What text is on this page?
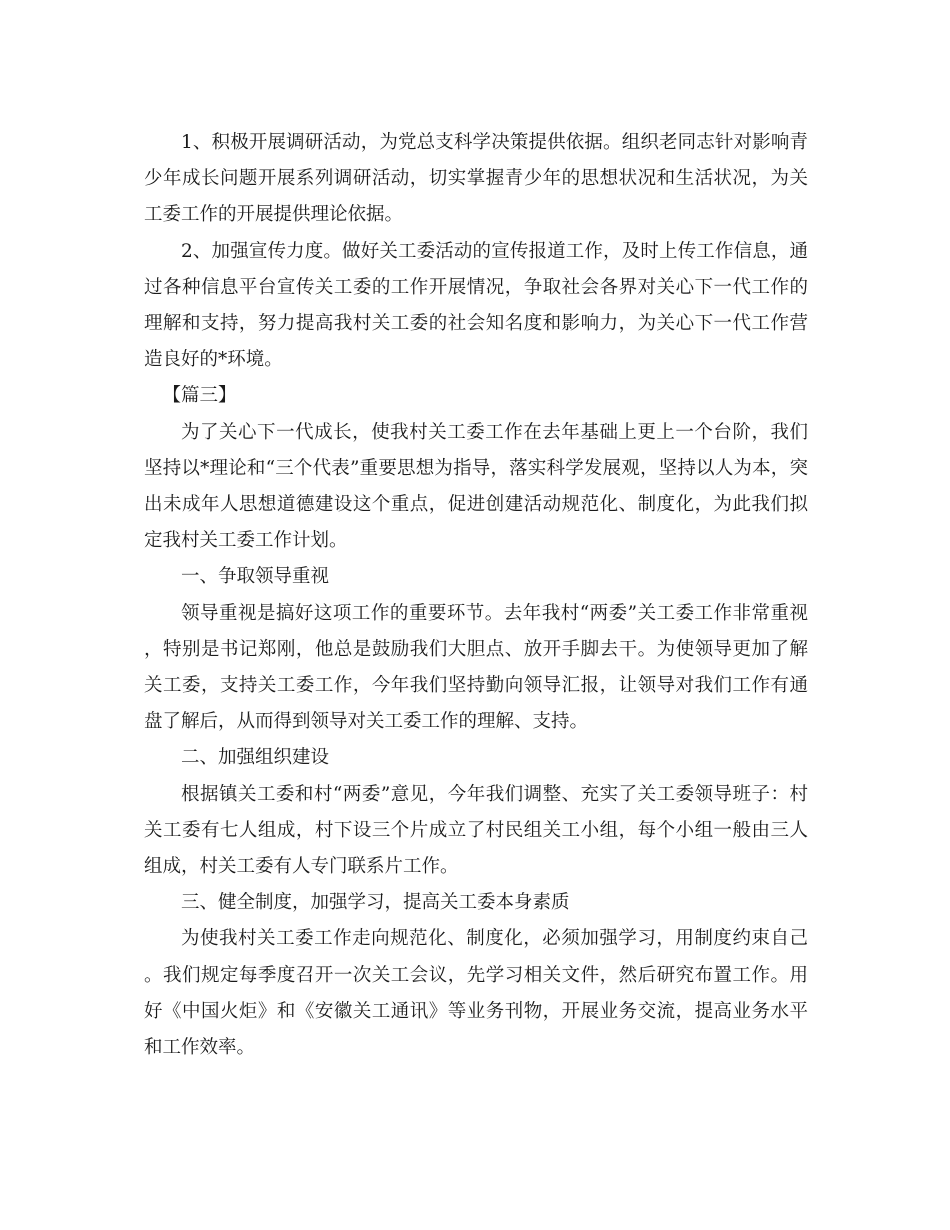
1、积极开展调研活动，为党总支科学决策提供依据。组织老同志针对影响青少年成长问题开展系列调研活动，切实掌握青少年的思想状况和生活状况，为关工委工作的开展提供理论依据。

2、加强宣传力度。做好关工委活动的宣传报道工作，及时上传工作信息，通过各种信息平台宣传关工委的工作开展情况，争取社会各界对关心下一代工作的理解和支持，努力提高我村关工委的社会知名度和影响力，为关心下一代工作营造良好的*环境。

【篇三】

为了关心下一代成长，使我村关工委工作在去年基础上更上一个台阶，我们坚持以*理论和“三个代表”重要思想为指导，落实科学发展观，坚持以人为本，突出未成年人思想道德建设这个重点，促进创建活动规范化、制度化，为此我们拟定我村关工委工作计划。

一、争取领导重视

领导重视是搞好这项工作的重要环节。去年我村“两委”关工委工作非常重视，特别是书记郑刚，他总是鼓励我们大胆点、放开手脚去干。为使领导更加了解关工委，支持关工委工作，今年我们坚持勤向领导汇报，让领导对我们工作有通盘了解后，从而得到领导对关工委工作的理解、支持。

二、加强组织建设

根据镇关工委和村“两委”意见，今年我们调整、充实了关工委领导班子：村关工委有七人组成，村下设三个片成立了村民组关工小组，每个小组一般由三人组成，村关工委有人专门联系片工作。

三、健全制度，加强学习，提高关工委本身素质

为使我村关工委工作走向规范化、制度化，必须加强学习，用制度约束自己。我们规定每季度召开一次关工会议，先学习相关文件，然后研究布置工作。用好《中国火炬》和《安徽关工通讯》等业务刊物，开展业务交流，提高业务水平和工作效率。
